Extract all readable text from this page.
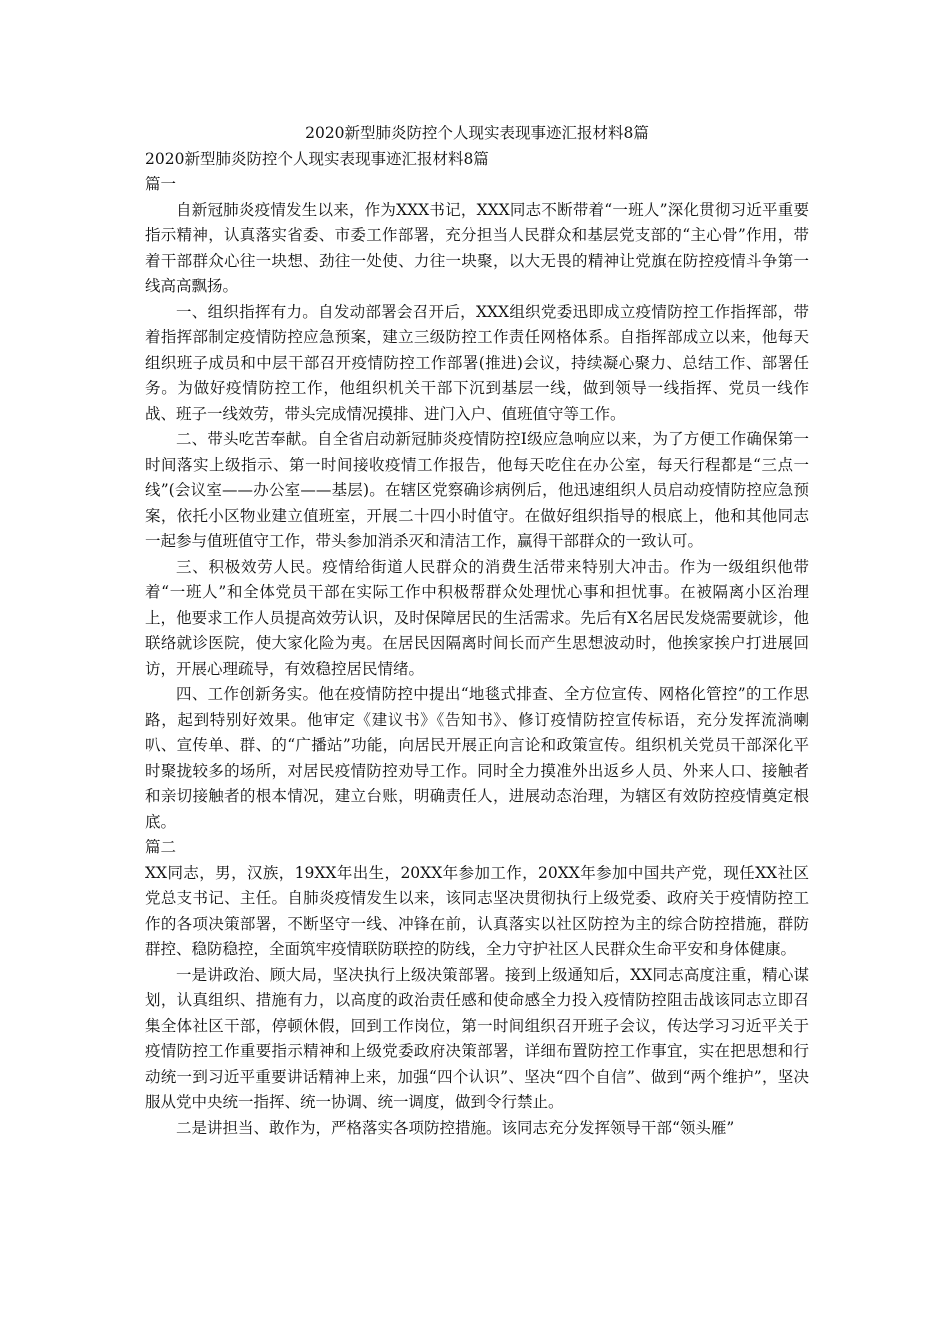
2020新型肺炎防控个人现实表现事迹汇报材料8篇

2020新型肺炎防控个人现实表现事迹汇报材料8篇

篇一

自新冠肺炎疫情发生以来，作为XXX书记，XXX同志不断带着“一班人”深化贯彻习近平重要指示精神，认真落实省委、市委工作部署，充分担当人民群众和基层党支部的“主心骨”作用，带着干部群众心往一块想、劲往一处使、力往一块聚，以大无畏的精神让党旗在防控疫情斗争第一线高高飘扬。

一、组织指挥有力。自发动部署会召开后，XXX组织党委迅即成立疫情防控工作指挥部，带着指挥部制定疫情防控应急预案，建立三级防控工作责任网格体系。自指挥部成立以来，他每天组织班子成员和中层干部召开疫情防控工作部署(推进)会议，持续凝心聚力、总结工作、部署任务。为做好疫情防控工作，他组织机关干部下沉到基层一线，做到领导一线指挥、党员一线作战、班子一线效劳，带头完成情况摸排、进门入户、值班值守等工作。

二、带头吃苦奉献。自全省启动新冠肺炎疫情防控Ⅰ级应急响应以来，为了方便工作确保第一时间落实上级指示、第一时间接收疫情工作报告，他每天吃住在办公室，每天行程都是“三点一线”(会议室——办公室——基层)。在辖区党察确诊病例后，他迅速组织人员启动疫情防控应急预案，依托小区物业建立值班室，开展二十四小时值守。在做好组织指导的根底上，他和其他同志一起参与值班值守工作，带头参加消杀灭和清洁工作，赢得干部群众的一致认可。

三、积极效劳人民。疫情给街道人民群众的消费生活带来特别大冲击。作为一级组织他带着“一班人”和全体党员干部在实际工作中积极帮群众处理忧心事和担忧事。在被隔离小区治理上，他要求工作人员提高效劳认识，及时保障居民的生活需求。先后有X名居民发烧需要就诊，他联络就诊医院，使大家化险为夷。在居民因隔离时间长而产生思想波动时，他挨家挨户打进展回访，开展心理疏导，有效稳控居民情绪。

四、工作创新务实。他在疫情防控中提出“地毯式排查、全方位宣传、网格化管控”的工作思路，起到特别好效果。他审定《建议书》《告知书》、修订疫情防控宣传标语，充分发挥流淌喇叭、宣传单、群、的“广播站”功能，向居民开展正向言论和政策宣传。组织机关党员干部深化平时聚拢较多的场所，对居民疫情防控劝导工作。同时全力摸准外出返乡人员、外来人口、接触者和亲切接触者的根本情况，建立台账，明确责任人，进展动态治理，为辖区有效防控疫情奠定根底。

篇二

XX同志，男，汉族，19XX年出生，20XX年参加工作，20XX年参加中国共产党，现任XX社区党总支书记、主任。自肺炎疫情发生以来，该同志坚决贯彻执行上级党委、政府关于疫情防控工作的各项决策部署，不断坚守一线、冲锋在前，认真落实以社区防控为主的综合防控措施，群防群控、稳防稳控，全面筑牢疫情联防联控的防线，全力守护社区人民群众生命平安和身体健康。

一是讲政治、顾大局，坚决执行上级决策部署。接到上级通知后，XX同志高度注重，精心谋划，认真组织、措施有力，以高度的政治责任感和使命感全力投入疫情防控阻击战该同志立即召集全体社区干部，停顿休假，回到工作岗位，第一时间组织召开班子会议，传达学习习近平关于疫情防控工作重要指示精神和上级党委政府决策部署，详细布置防控工作事宜，实在把思想和行动统一到习近平重要讲话精神上来，加强“四个认识”、坚决“四个自信”、做到“两个维护”，坚决服从党中央统一指挥、统一协调、统一调度，做到令行禁止。

二是讲担当、敢作为，严格落实各项防控措施。该同志充分发挥领导干部“领头雁”
